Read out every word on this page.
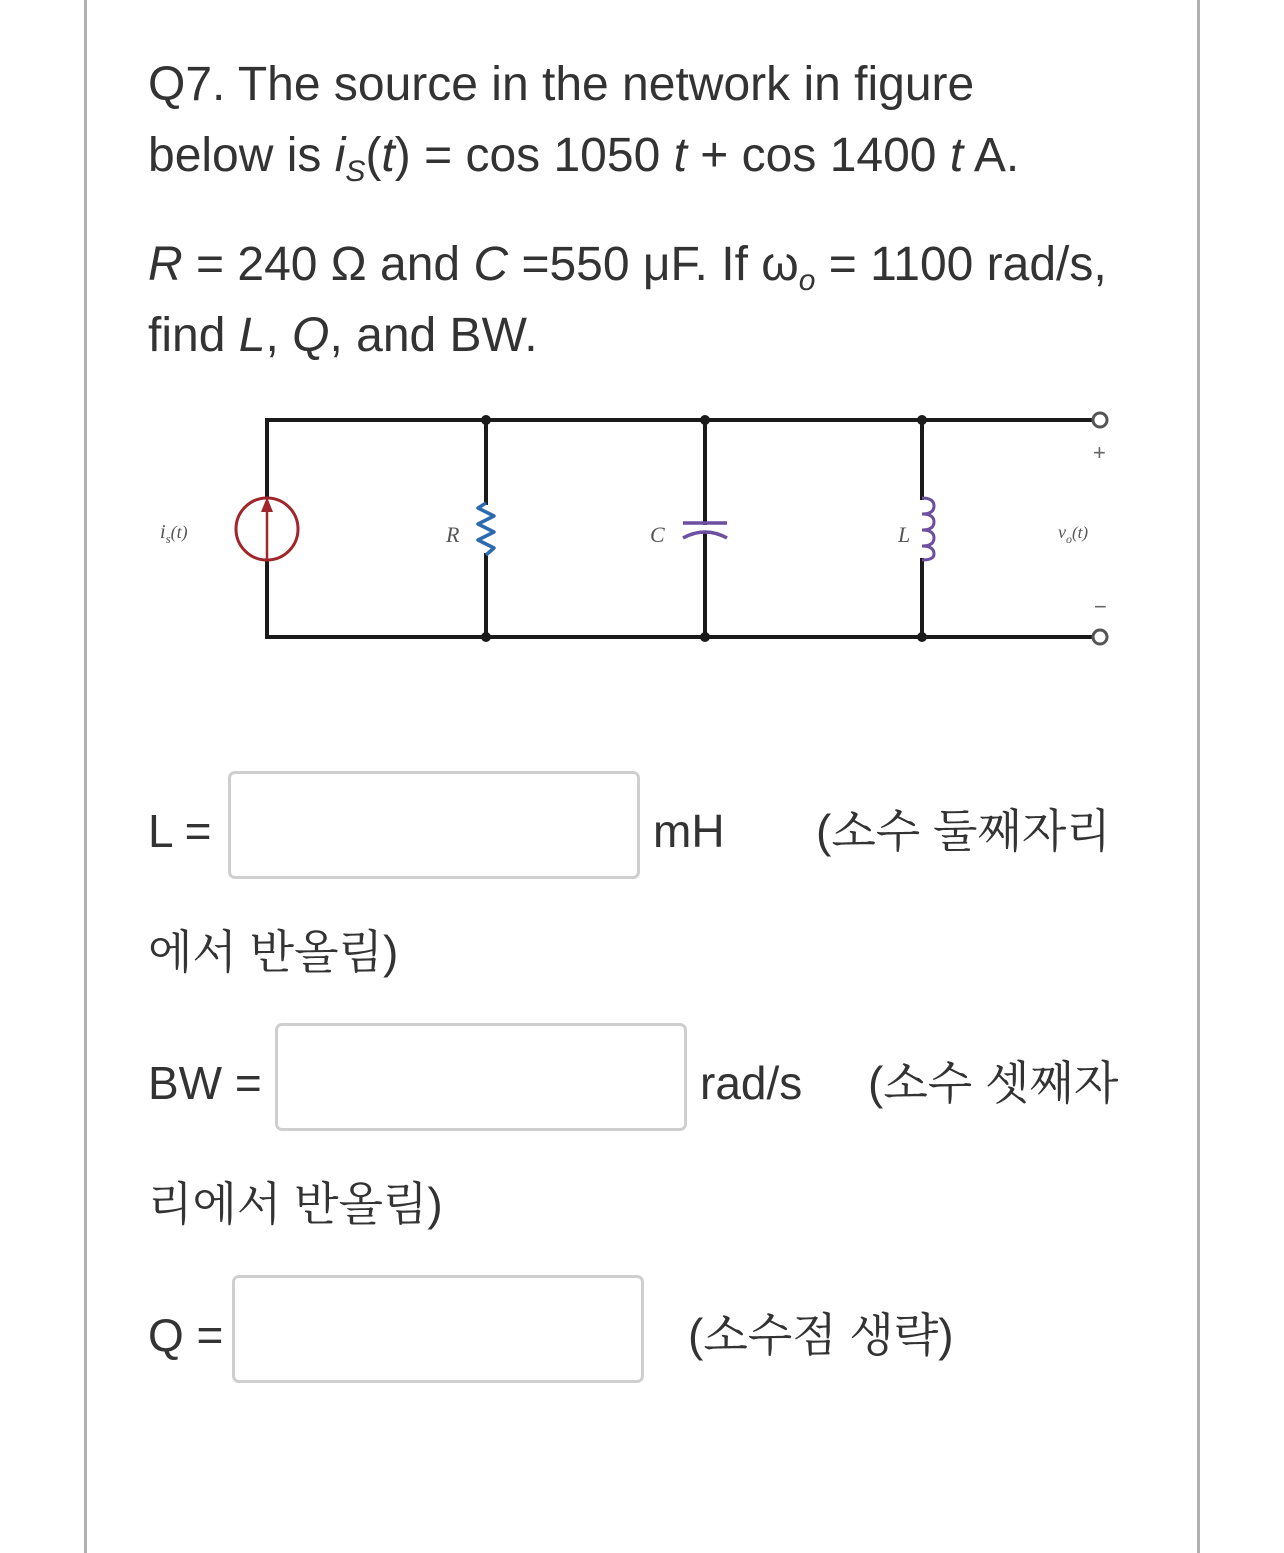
Q7. The source in the network in figure
below is $i_S(t) = \cos 1050$ t + cos 1400 t A.
R = 240 Ω and C =550 μF. If $\omega_o = 1100$ rad/s,
find L, Q, and BW.
$i_s(t)$	R	C	L	$v_o(t)$
+
−
L =	mH (소수 둘째자리
에서 반올림)
BW =	rad/s (소수 셋째자
리에서 반올림)
Q =	(소수점 생략)
